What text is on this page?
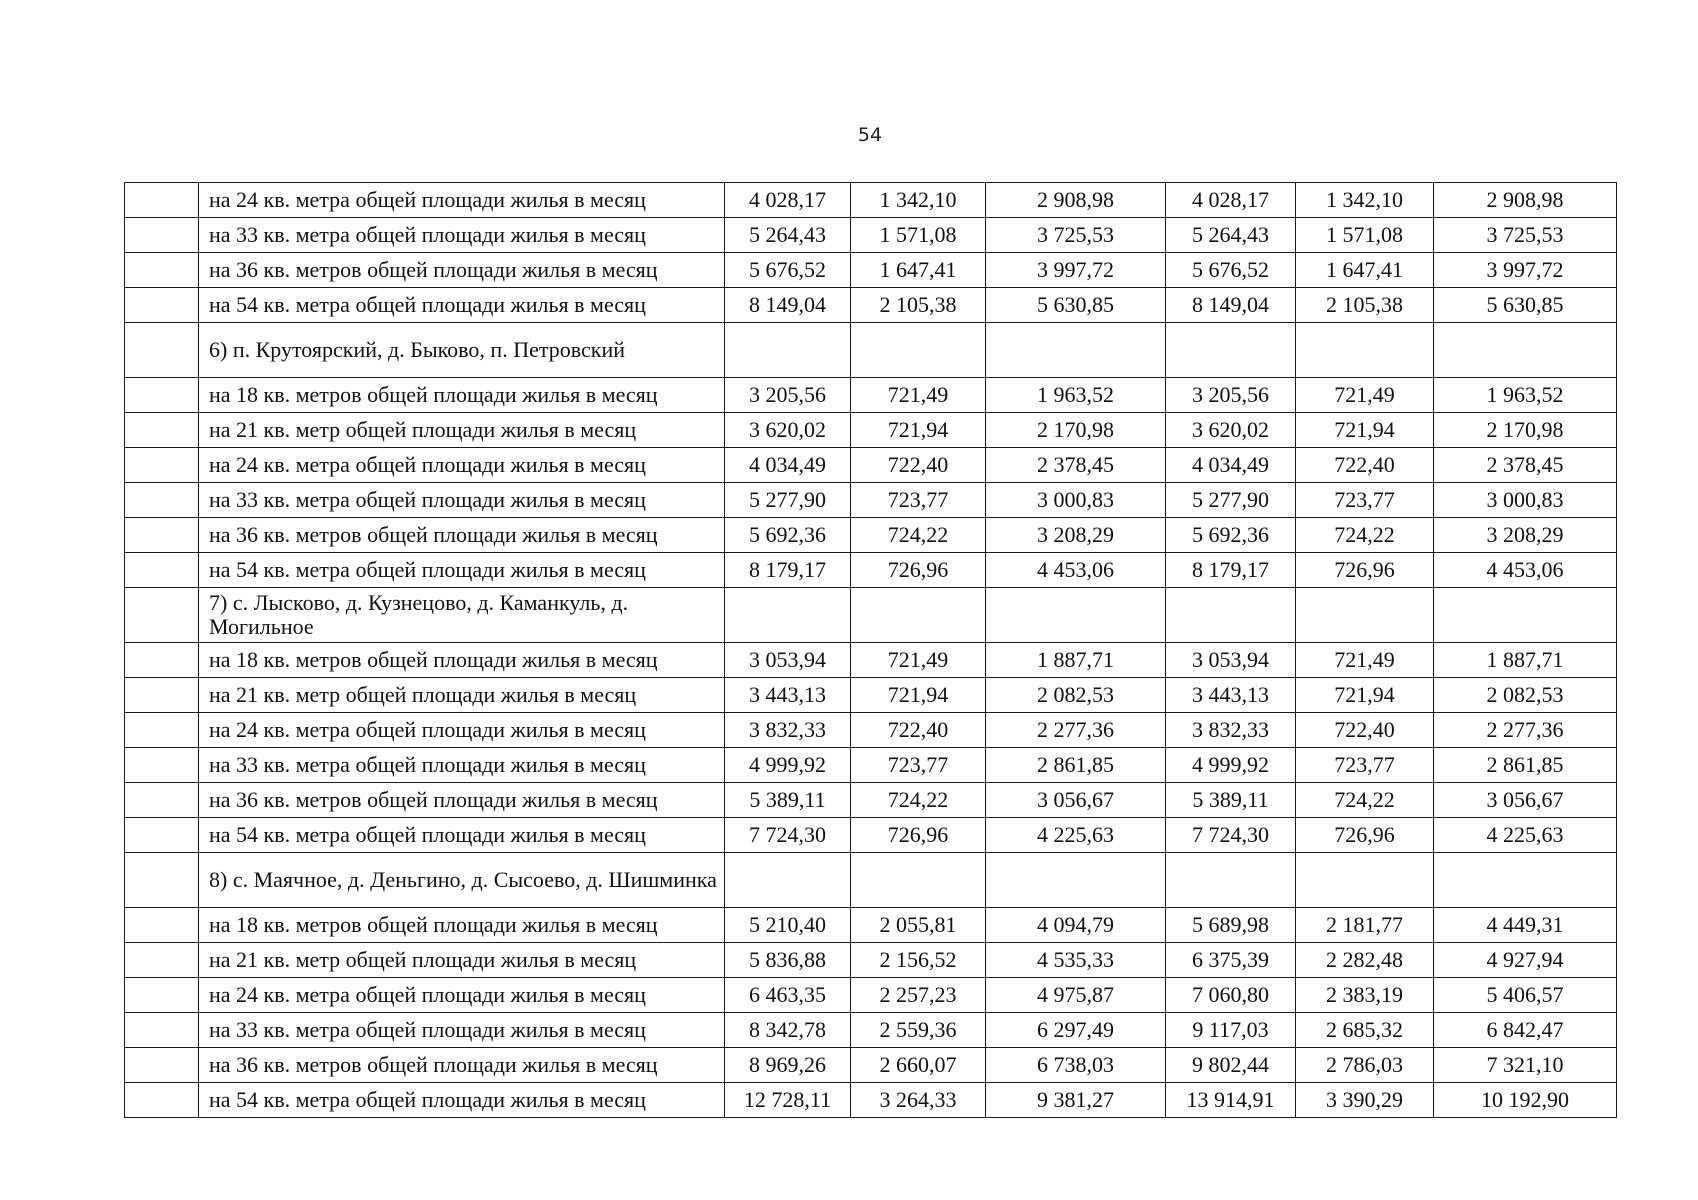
54
	на 24 кв. метра общей площади жилья в месяц	4 028,17	1 342,10	2 908,98	4 028,17	1 342,10	2 908,98
	на 33 кв. метра общей площади жилья в месяц	5 264,43	1 571,08	3 725,53	5 264,43	1 571,08	3 725,53
	на 36 кв. метров общей площади жилья в месяц	5 676,52	1 647,41	3 997,72	5 676,52	1 647,41	3 997,72
	на 54 кв. метра общей площади жилья в месяц	8 149,04	2 105,38	5 630,85	8 149,04	2 105,38	5 630,85
	6) п. Крутоярский, д. Быково, п. Петровский						
	на 18 кв. метров общей площади жилья в месяц	3 205,56	721,49	1 963,52	3 205,56	721,49	1 963,52
	на 21 кв. метр общей площади жилья в месяц	3 620,02	721,94	2 170,98	3 620,02	721,94	2 170,98
	на 24 кв. метра общей площади жилья в месяц	4 034,49	722,40	2 378,45	4 034,49	722,40	2 378,45
	на 33 кв. метра общей площади жилья в месяц	5 277,90	723,77	3 000,83	5 277,90	723,77	3 000,83
	на 36 кв. метров общей площади жилья в месяц	5 692,36	724,22	3 208,29	5 692,36	724,22	3 208,29
	на 54 кв. метра общей площади жилья в месяц	8 179,17	726,96	4 453,06	8 179,17	726,96	4 453,06
	7) с. Лысково, д. Кузнецово, д. Каманкуль, д. Могильное						
	на 18 кв. метров общей площади жилья в месяц	3 053,94	721,49	1 887,71	3 053,94	721,49	1 887,71
	на 21 кв. метр общей площади жилья в месяц	3 443,13	721,94	2 082,53	3 443,13	721,94	2 082,53
	на 24 кв. метра общей площади жилья в месяц	3 832,33	722,40	2 277,36	3 832,33	722,40	2 277,36
	на 33 кв. метра общей площади жилья в месяц	4 999,92	723,77	2 861,85	4 999,92	723,77	2 861,85
	на 36 кв. метров общей площади жилья в месяц	5 389,11	724,22	3 056,67	5 389,11	724,22	3 056,67
	на 54 кв. метра общей площади жилья в месяц	7 724,30	726,96	4 225,63	7 724,30	726,96	4 225,63
	8) с. Маячное, д. Деньгино, д. Сысоево, д. Шишминка						
	на 18 кв. метров общей площади жилья в месяц	5 210,40	2 055,81	4 094,79	5 689,98	2 181,77	4 449,31
	на 21 кв. метр общей площади жилья в месяц	5 836,88	2 156,52	4 535,33	6 375,39	2 282,48	4 927,94
	на 24 кв. метра общей площади жилья в месяц	6 463,35	2 257,23	4 975,87	7 060,80	2 383,19	5 406,57
	на 33 кв. метра общей площади жилья в месяц	8 342,78	2 559,36	6 297,49	9 117,03	2 685,32	6 842,47
	на 36 кв. метров общей площади жилья в месяц	8 969,26	2 660,07	6 738,03	9 802,44	2 786,03	7 321,10
	на 54 кв. метра общей площади жилья в месяц	12 728,11	3 264,33	9 381,27	13 914,91	3 390,29	10 192,90
